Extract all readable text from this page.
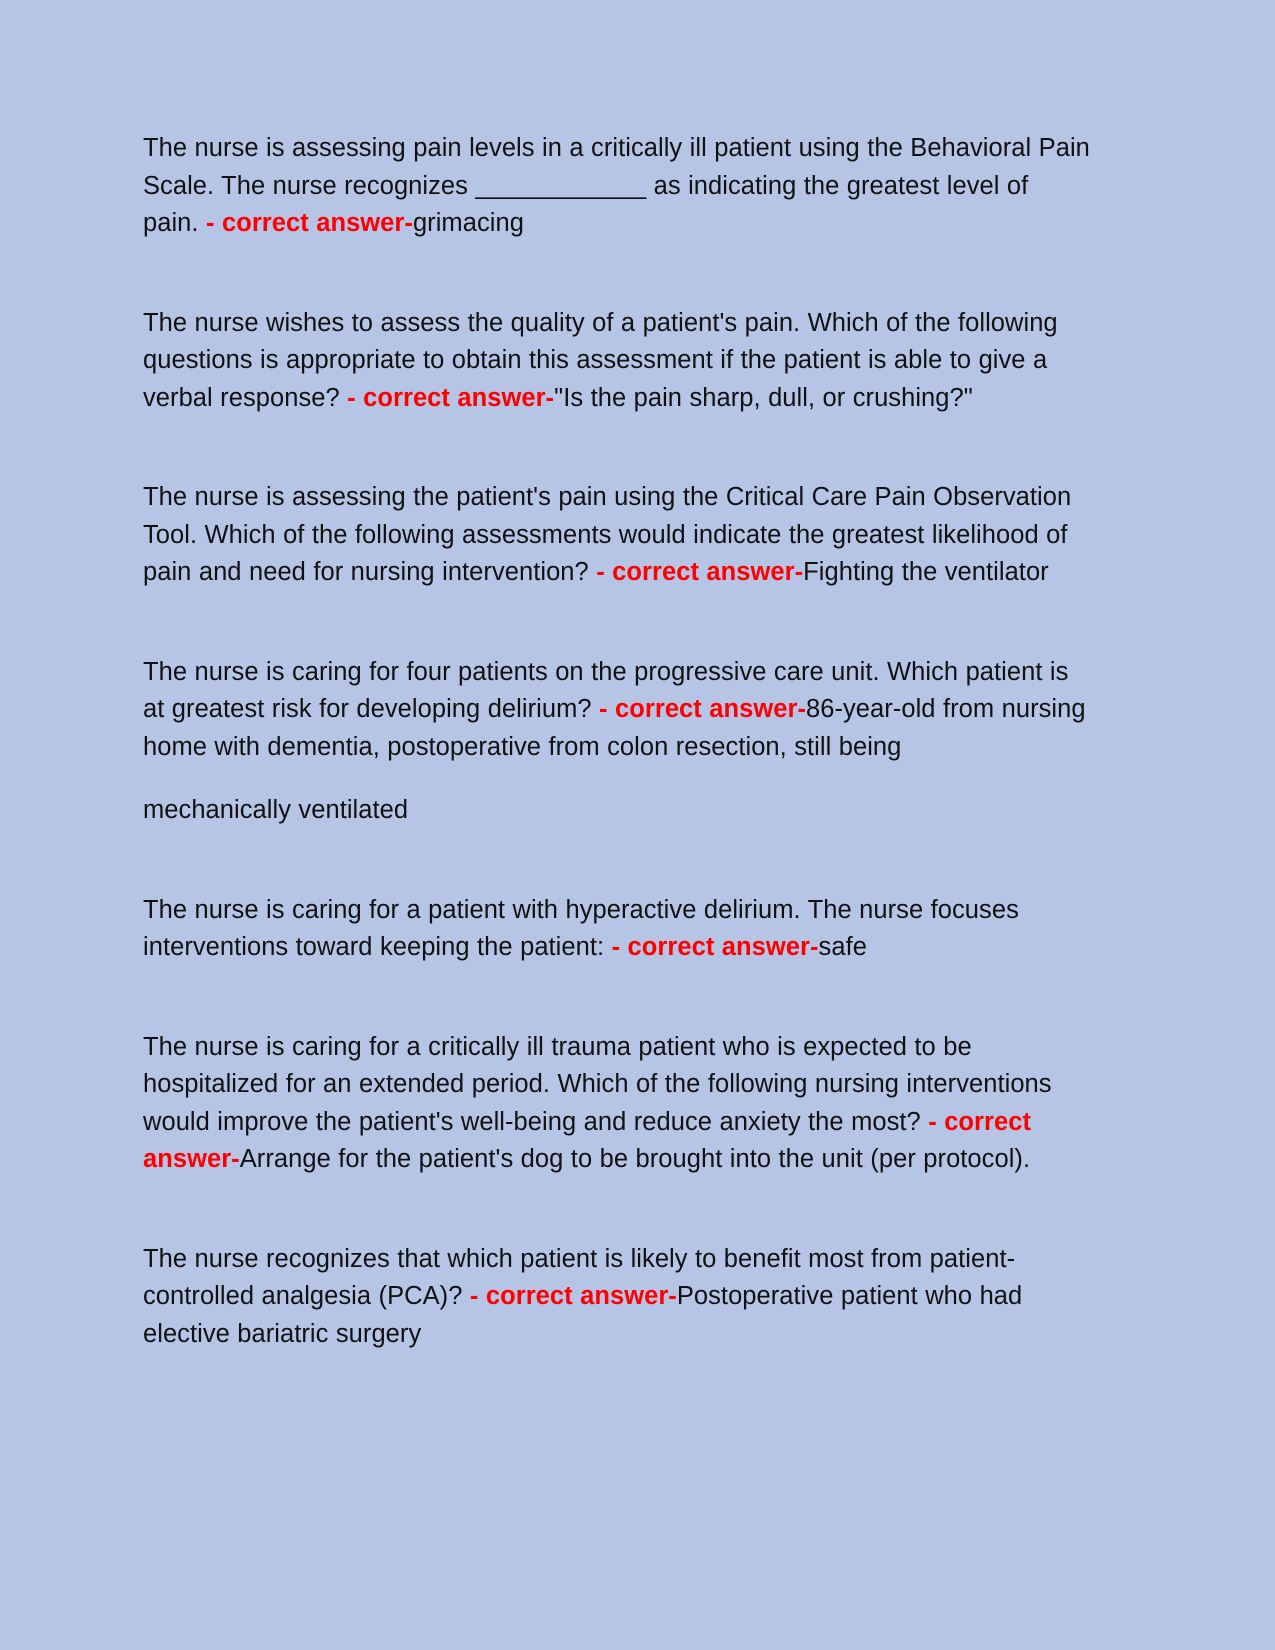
The nurse is assessing pain levels in a critically ill patient using the Behavioral Pain Scale. The nurse recognizes ____________ as indicating the greatest level of pain. - correct answer-grimacing
The nurse wishes to assess the quality of a patient's pain. Which of the following questions is appropriate to obtain this assessment if the patient is able to give a verbal response? - correct answer-"Is the pain sharp, dull, or crushing?"
The nurse is assessing the patient's pain using the Critical Care Pain Observation Tool. Which of the following assessments would indicate the greatest likelihood of pain and need for nursing intervention? - correct answer-Fighting the ventilator
The nurse is caring for four patients on the progressive care unit. Which patient is at greatest risk for developing delirium? - correct answer-86-year-old from nursing home with dementia, postoperative from colon resection, still being
mechanically ventilated
The nurse is caring for a patient with hyperactive delirium. The nurse focuses interventions toward keeping the patient: - correct answer-safe
The nurse is caring for a critically ill trauma patient who is expected to be hospitalized for an extended period. Which of the following nursing interventions would improve the patient's well-being and reduce anxiety the most? - correct answer-Arrange for the patient's dog to be brought into the unit (per protocol).
The nurse recognizes that which patient is likely to benefit most from patient-controlled analgesia (PCA)? - correct answer-Postoperative patient who had elective bariatric surgery
